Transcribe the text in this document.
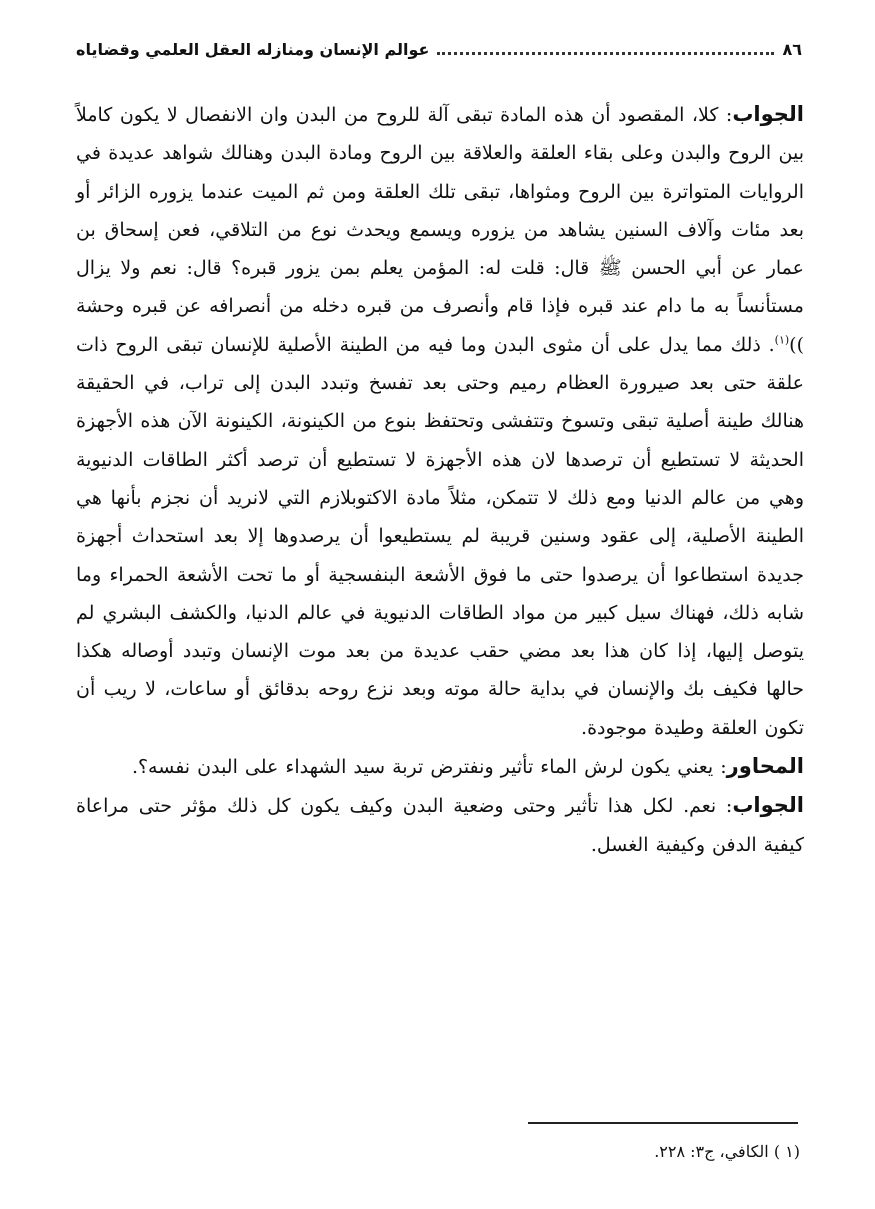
٨٦
عوالم الإنسان ومنازله العقل العلمي وقضاياه

الجواب: كلا، المقصود أن هذه المادة تبقى آلة للروح من البدن وان الانفصال لا يكون كاملاً بين الروح والبدن وعلى بقاء العلقة والعلاقة بين الروح ومادة البدن وهنالك شواهد عديدة في الروايات المتواترة بين الروح ومثواها، تبقى تلك العلقة ومن ثم الميت عندما يزوره الزائر أو بعد مئات وآلاف السنين يشاهد من يزوره ويسمع ويحدث نوع من التلاقي، فعن إسحاق بن عمار عن أبي الحسن ﷺ قال: قلت له: المؤمن يعلم بمن يزور قبره؟ قال: نعم ولا يزال مستأنساً به ما دام عند قبره فإذا قام وأنصرف من قبره دخله من أنصرافه عن قبره وحشة ))$^{(١)}$. ذلك مما يدل على أن مثوى البدن وما فيه من الطينة الأصلية للإنسان تبقى الروح ذات علقة حتى بعد صيرورة العظام رميم وحتى بعد تفسخ وتبدد البدن إلى تراب، في الحقيقة هنالك طينة أصلية تبقى وتسوخ وتتفشى وتحتفظ بنوع من الكينونة، الكينونة الآن هذه الأجهزة الحديثة لا تستطيع أن ترصدها لان هذه الأجهزة لا تستطيع أن ترصد أكثر الطاقات الدنيوية وهي من عالم الدنيا ومع ذلك لا تتمكن، مثلاً مادة الاكتوبلازم التي لانريد أن نجزم بأنها هي الطينة الأصلية، إلى عقود وسنين قريبة لم يستطيعوا أن يرصدوها إلا بعد استحداث أجهزة جديدة استطاعوا أن يرصدوا حتى ما فوق الأشعة البنفسجية أو ما تحت الأشعة الحمراء وما شابه ذلك، فهناك سيل كبير من مواد الطاقات الدنيوية في عالم الدنيا، والكشف البشري لم يتوصل إليها، إذا كان هذا بعد مضي حقب عديدة من بعد موت الإنسان وتبدد أوصاله هكذا حالها فكيف بك والإنسان في بداية حالة موته وبعد نزع روحه بدقائق أو ساعات، لا ريب أن تكون العلقة وطيدة موجودة.

المحاور: يعني يكون لرش الماء تأثير ونفترض تربة سيد الشهداء على البدن نفسه؟.

الجواب: نعم. لكل هذا تأثير وحتى وضعية البدن وكيف يكون كل ذلك مؤثر حتى مراعاة كيفية الدفن وكيفية الغسل.

(١ ) الكافي، ج٣: ٢٢٨.
